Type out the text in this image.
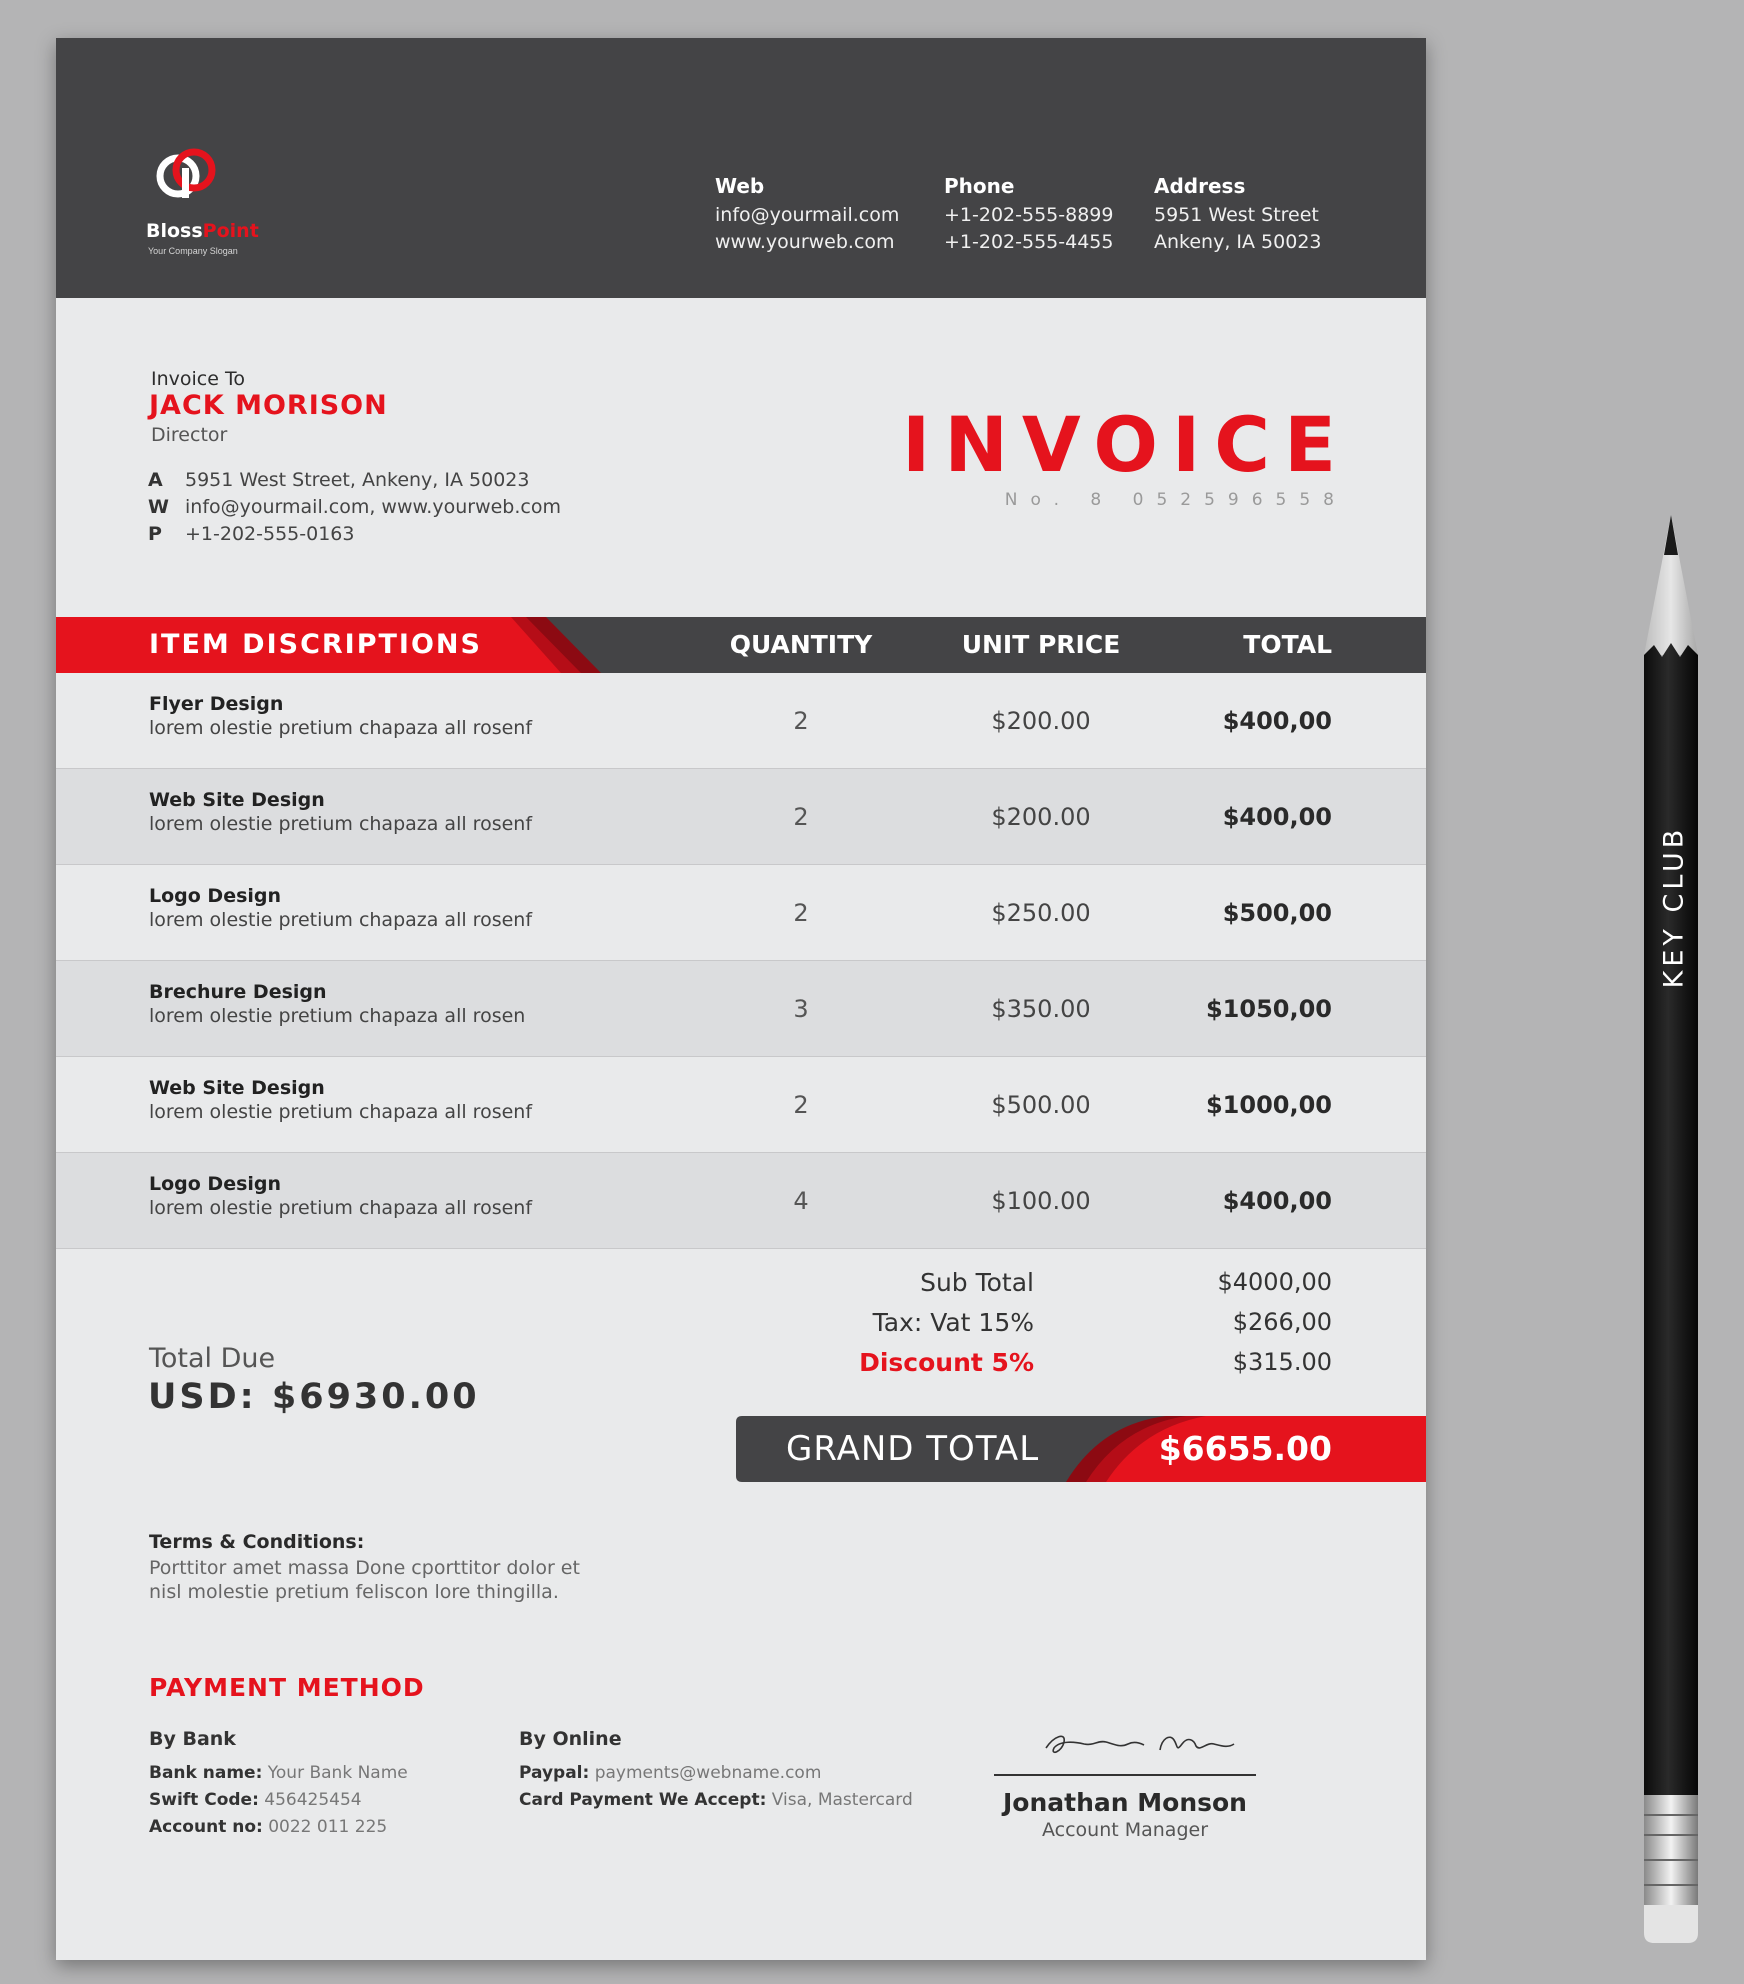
BlossPoint
Your Company Slogan
Web
info@yourmail.com
www.yourweb.com
Phone
+1-202-555-8899
+1-202-555-4455
Address
5951 West Street
Ankeny, IA 50023
Invoice To
JACK MORISON
Director
A	5951 West Street, Ankeny, IA 50023
W info@yourmail.com, www.yourweb.com
P	+1-202-555-0163
INVOICE
No. 8 052596558
ITEM DISCRIPTIONS	QUANTITY	UNIT PRICE	TOTAL
Flyer Design
lorem olestie pretium chapaza all rosenf	2	$200.00	$400,00
Web Site Design
lorem olestie pretium chapaza all rosenf	2	$200.00	$400,00
Logo Design
lorem olestie pretium chapaza all rosenf	2	$250.00	$500,00
Brechure Design
lorem olestie pretium chapaza all rosen	3	$350.00	$1050,00
Web Site Design
lorem olestie pretium chapaza all rosenf	2	$500.00	$1000,00
Logo Design
lorem olestie pretium chapaza all rosenf	4	$100.00	$400,00
Sub Total	$4000,00
Tax: Vat 15%	$266,00
Discount 5%	$315.00
Total Due
USD: $6930.00
GRAND TOTAL	$6655.00
Terms & Conditions:
Porttitor amet massa Done cporttitor dolor et nisl molestie pretium feliscon lore thingilla.
PAYMENT METHOD
By Bank
Bank name: Your Bank Name
Swift Code: 456425454
Account no: 0022 011 225
By Online
Paypal: payments@webname.com
Card Payment We Accept: Visa, Mastercard	Jonathan Monson
Account Manager
KEY CLUB
